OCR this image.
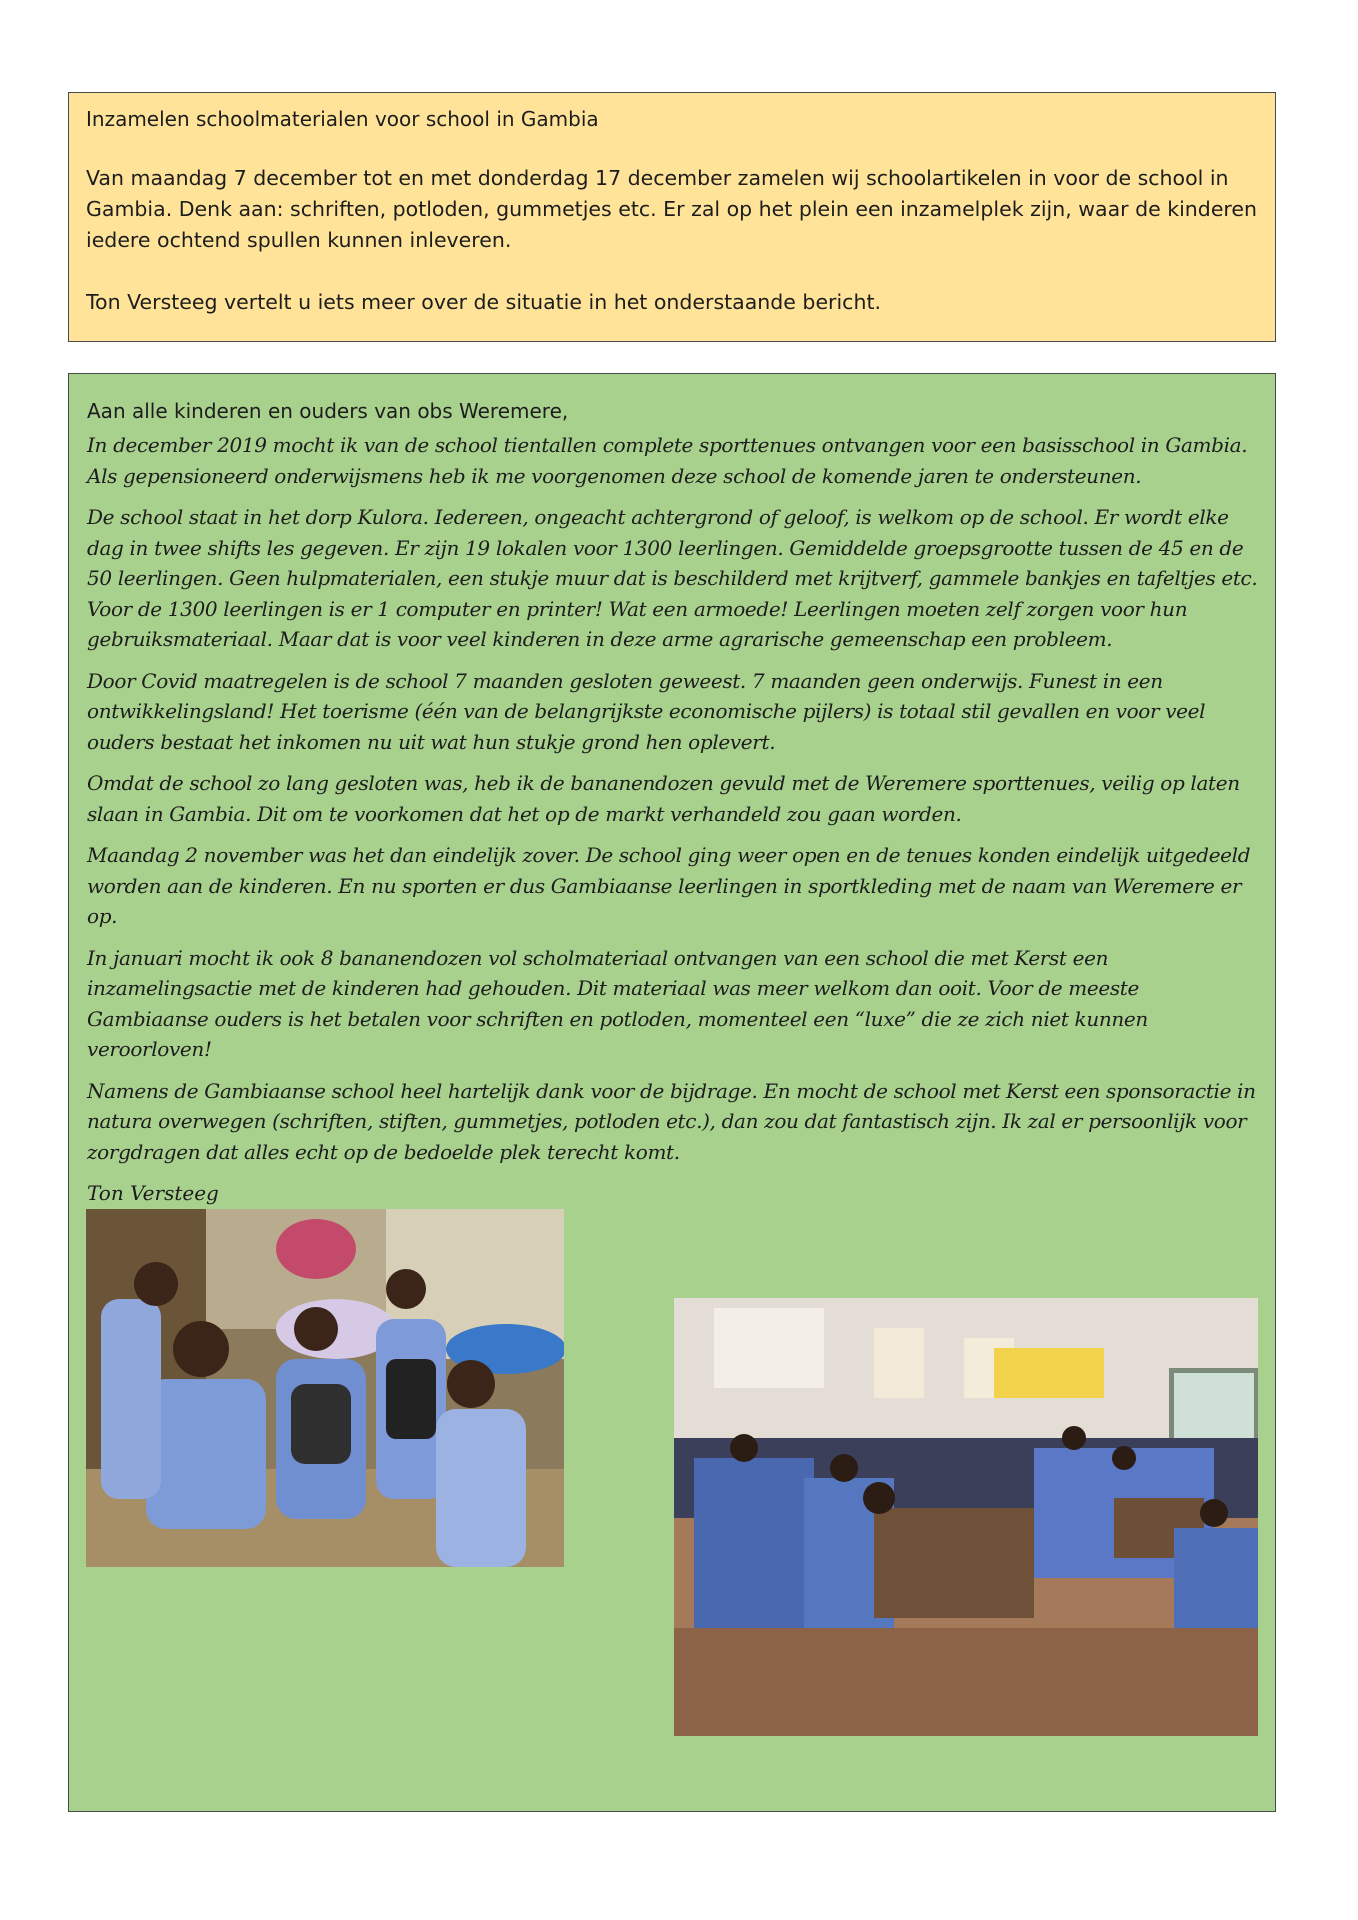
Inzamelen schoolmaterialen voor school in Gambia

Van maandag 7 december tot en met donderdag 17 december zamelen wij schoolartikelen in voor de school in Gambia. Denk aan: schriften, potloden, gummetjes etc. Er zal op het plein een inzamelplek zijn, waar de kinderen iedere ochtend spullen kunnen inleveren.

Ton Versteeg vertelt u iets meer over de situatie in het onderstaande bericht.

Aan alle kinderen en ouders van obs Weremere,

In december 2019 mocht ik van de school tientallen complete sporttenues ontvangen voor een basisschool in Gambia. Als gepensioneerd onderwijsmens heb ik me voorgenomen deze school de komende jaren te ondersteunen.

De school staat in het dorp Kulora. Iedereen, ongeacht achtergrond of geloof, is welkom op de school. Er wordt elke dag in twee shifts les gegeven. Er zijn 19 lokalen voor 1300 leerlingen. Gemiddelde groepsgrootte tussen de 45 en de 50 leerlingen. Geen hulpmaterialen, een stukje muur dat is beschilderd met krijtverf, gammele bankjes en tafeltjes etc. Voor de 1300 leerlingen is er 1 computer en printer! Wat een armoede! Leerlingen moeten zelf zorgen voor hun gebruiksmateriaal. Maar dat is voor veel kinderen in deze arme agrarische gemeenschap een probleem.

Door Covid maatregelen is de school 7 maanden gesloten geweest. 7 maanden geen onderwijs. Funest in een ontwikkelingsland! Het toerisme (één van de belangrijkste economische pijlers) is totaal stil gevallen en voor veel ouders bestaat het inkomen nu uit wat hun stukje grond hen oplevert.

Omdat de school zo lang gesloten was, heb ik de bananendozen gevuld met de Weremere sporttenues, veilig op laten slaan in Gambia. Dit om te voorkomen dat het op de markt verhandeld zou gaan worden.

Maandag 2 november was het dan eindelijk zover. De school ging weer open en de tenues konden eindelijk uitgedeeld worden aan de kinderen. En nu sporten er dus Gambiaanse leerlingen in sportkleding met de naam van Weremere er op.

In januari mocht ik ook 8 bananendozen vol scholmateriaal ontvangen van een school die met Kerst een inzamelingsactie met de kinderen had gehouden. Dit materiaal was meer welkom dan ooit. Voor de meeste Gambiaanse ouders is het betalen voor schriften en potloden, momenteel een “luxe” die ze zich niet kunnen veroorloven!

Namens de Gambiaanse school heel hartelijk dank voor de bijdrage. En mocht de school met Kerst een sponsoractie in natura overwegen (schriften, stiften, gummetjes, potloden etc.), dan zou dat fantastisch zijn. Ik zal er persoonlijk voor zorgdragen dat alles echt op de bedoelde plek terecht komt.

Ton Versteeg
